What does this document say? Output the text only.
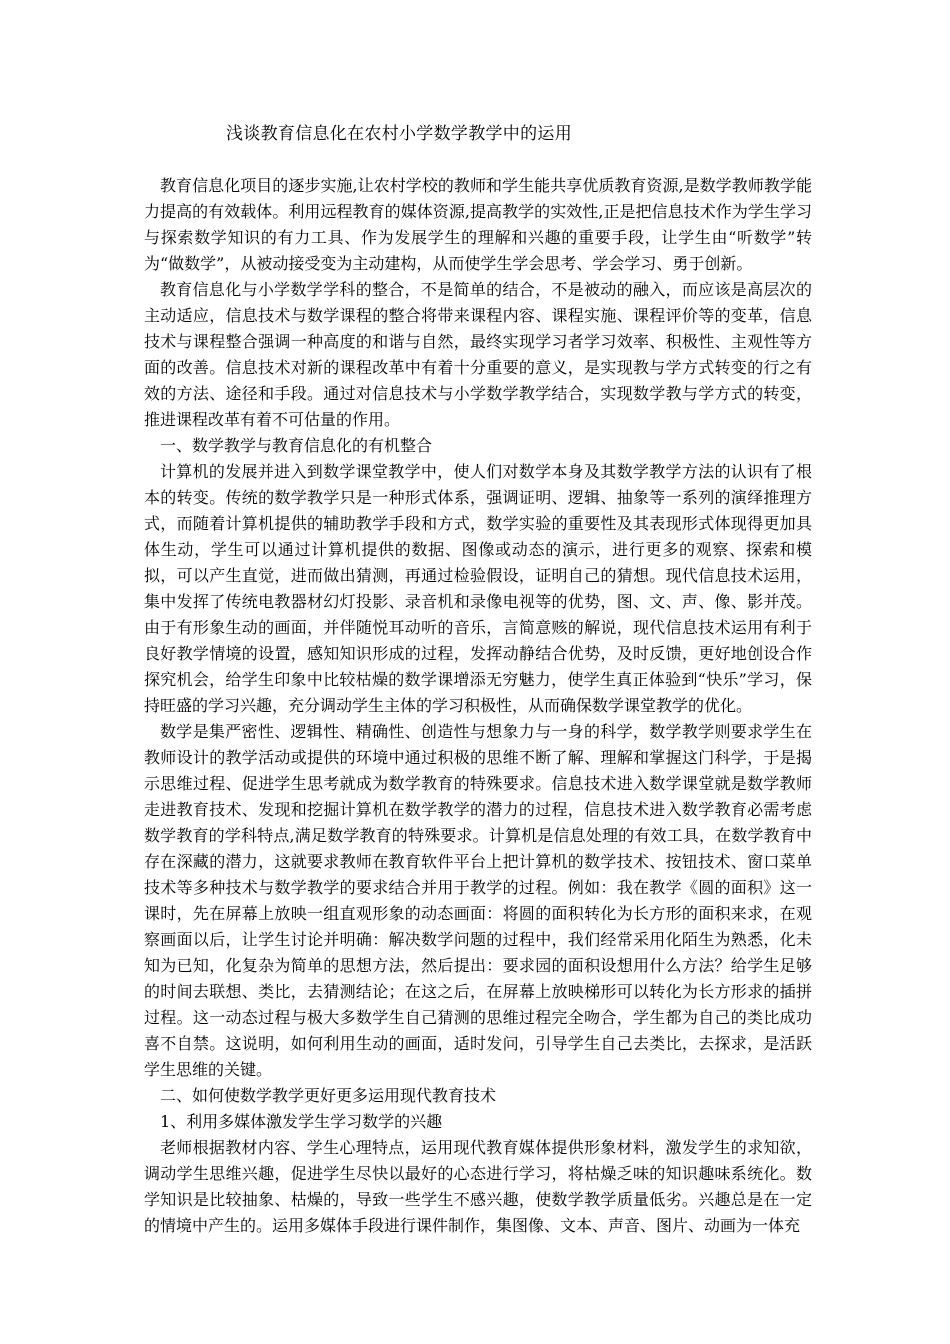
浅谈教育信息化在农村小学数学教学中的运用

教育信息化项目的逐步实施,让农村学校的教师和学生能共享优质教育资源,是数学教师教学能力提高的有效载体。利用远程教育的媒体资源,提高教学的实效性,正是把信息技术作为学生学习与探索数学知识的有力工具、作为发展学生的理解和兴趣的重要手段，让学生由“听数学”转为“做数学”，从被动接受变为主动建构，从而使学生学会思考、学会学习、勇于创新。

教育信息化与小学数学学科的整合，不是简单的结合，不是被动的融入，而应该是高层次的主动适应，信息技术与数学课程的整合将带来课程内容、课程实施、课程评价等的变革，信息技术与课程整合强调一种高度的和谐与自然，最终实现学习者学习效率、积极性、主观性等方面的改善。信息技术对新的课程改革中有着十分重要的意义，是实现教与学方式转变的行之有效的方法、途径和手段。通过对信息技术与小学数学教学结合，实现数学教与学方式的转变，推进课程改革有着不可估量的作用。

一、数学教学与教育信息化的有机整合

计算机的发展并进入到数学课堂教学中，使人们对数学本身及其数学教学方法的认识有了根本的转变。传统的数学教学只是一种形式体系，强调证明、逻辑、抽象等一系列的演绎推理方式，而随着计算机提供的辅助教学手段和方式，数学实验的重要性及其表现形式体现得更加具体生动，学生可以通过计算机提供的数据、图像或动态的演示，进行更多的观察、探索和模拟，可以产生直觉，进而做出猜测，再通过检验假设，证明自己的猜想。现代信息技术运用，集中发挥了传统电教器材幻灯投影、录音机和录像电视等的优势，图、文、声、像、影并茂。由于有形象生动的画面，并伴随悦耳动听的音乐，言简意赅的解说，现代信息技术运用有利于良好教学情境的设置，感知知识形成的过程，发挥动静结合优势，及时反馈，更好地创设合作探究机会，给学生印象中比较枯燥的数学课增添无穷魅力，使学生真正体验到“快乐”学习，保持旺盛的学习兴趣，充分调动学生主体的学习积极性，从而确保数学课堂教学的优化。

数学是集严密性、逻辑性、精确性、创造性与想象力与一身的科学，数学教学则要求学生在教师设计的教学活动或提供的环境中通过积极的思维不断了解、理解和掌握这门科学，于是揭示思维过程、促进学生思考就成为数学教育的特殊要求。信息技术进入数学课堂就是数学教师走进教育技术、发现和挖掘计算机在数学教学的潜力的过程，信息技术进入数学教育必需考虑数学教育的学科特点,满足数学教育的特殊要求。计算机是信息处理的有效工具，在数学教育中存在深藏的潜力，这就要求教师在教育软件平台上把计算机的数学技术、按钮技术、窗口菜单技术等多种技术与数学教学的要求结合并用于教学的过程。例如：我在教学《圆的面积》这一课时，先在屏幕上放映一组直观形象的动态画面：将圆的面积转化为长方形的面积来求，在观察画面以后，让学生讨论并明确：解决数学问题的过程中，我们经常采用化陌生为熟悉，化未知为已知，化复杂为简单的思想方法，然后提出：要求园的面积设想用什么方法？给学生足够的时间去联想、类比，去猜测结论；在这之后，在屏幕上放映梯形可以转化为长方形求的插拼过程。这一动态过程与极大多数学生自己猜测的思维过程完全吻合，学生都为自己的类比成功喜不自禁。这说明，如何利用生动的画面，适时发问，引导学生自己去类比，去探求，是活跃学生思维的关键。

二、如何使数学教学更好更多运用现代教育技术

1、利用多媒体激发学生学习数学的兴趣

老师根据教材内容、学生心理特点，运用现代教育媒体提供形象材料，激发学生的求知欲，调动学生思维兴趣，促进学生尽快以最好的心态进行学习，将枯燥乏味的知识趣味系统化。数学知识是比较抽象、枯燥的，导致一些学生不感兴趣，使数学教学质量低劣。兴趣总是在一定的情境中产生的。运用多媒体手段进行课件制作，集图像、文本、声音、图片、动画为一体充
